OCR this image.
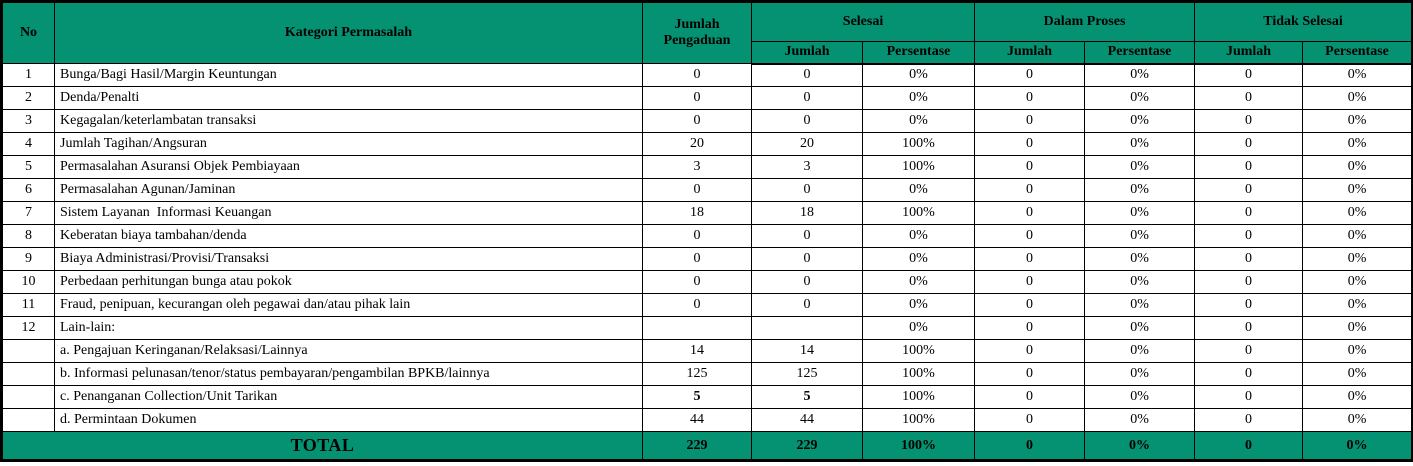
No	Kategori Permasalah	Jumlah Pengaduan	Selesai		Dalam Proses		Tidak Selesai	
			Jumlah	Persentase	Jumlah	Persentase	Jumlah	Persentase
1	Bunga/Bagi Hasil/Margin Keuntungan	0	0	0%	0	0%	0	0%
2	Denda/Penalti	0	0	0%	0	0%	0	0%
3	Kegagalan/keterlambatan transaksi	0	0	0%	0	0%	0	0%
4	Jumlah Tagihan/Angsuran	20	20	100%	0	0%	0	0%
5	Permasalahan Asuransi Objek Pembiayaan	3	3	100%	0	0%	0	0%
6	Permasalahan Agunan/Jaminan	0	0	0%	0	0%	0	0%
7	Sistem Layanan  Informasi Keuangan	18	18	100%	0	0%	0	0%
8	Keberatan biaya tambahan/denda	0	0	0%	0	0%	0	0%
9	Biaya Administrasi/Provisi/Transaksi	0	0	0%	0	0%	0	0%
10	Perbedaan perhitungan bunga atau pokok	0	0	0%	0	0%	0	0%
11	Fraud, penipuan, kecurangan oleh pegawai dan/atau pihak lain	0	0	0%	0	0%	0	0%
12	Lain-lain:			0%	0	0%	0	0%
	a. Pengajuan Keringanan/Relaksasi/Lainnya	14	14	100%	0	0%	0	0%
	b. Informasi pelunasan/tenor/status pembayaran/pengambilan BPKB/lainnya	125	125	100%	0	0%	0	0%
	c. Penanganan Collection/Unit Tarikan	5	5	100%	0	0%	0	0%
	d. Permintaan Dokumen	44	44	100%	0	0%	0	0%
TOTAL		229	229	100%	0	0%	0	0%
